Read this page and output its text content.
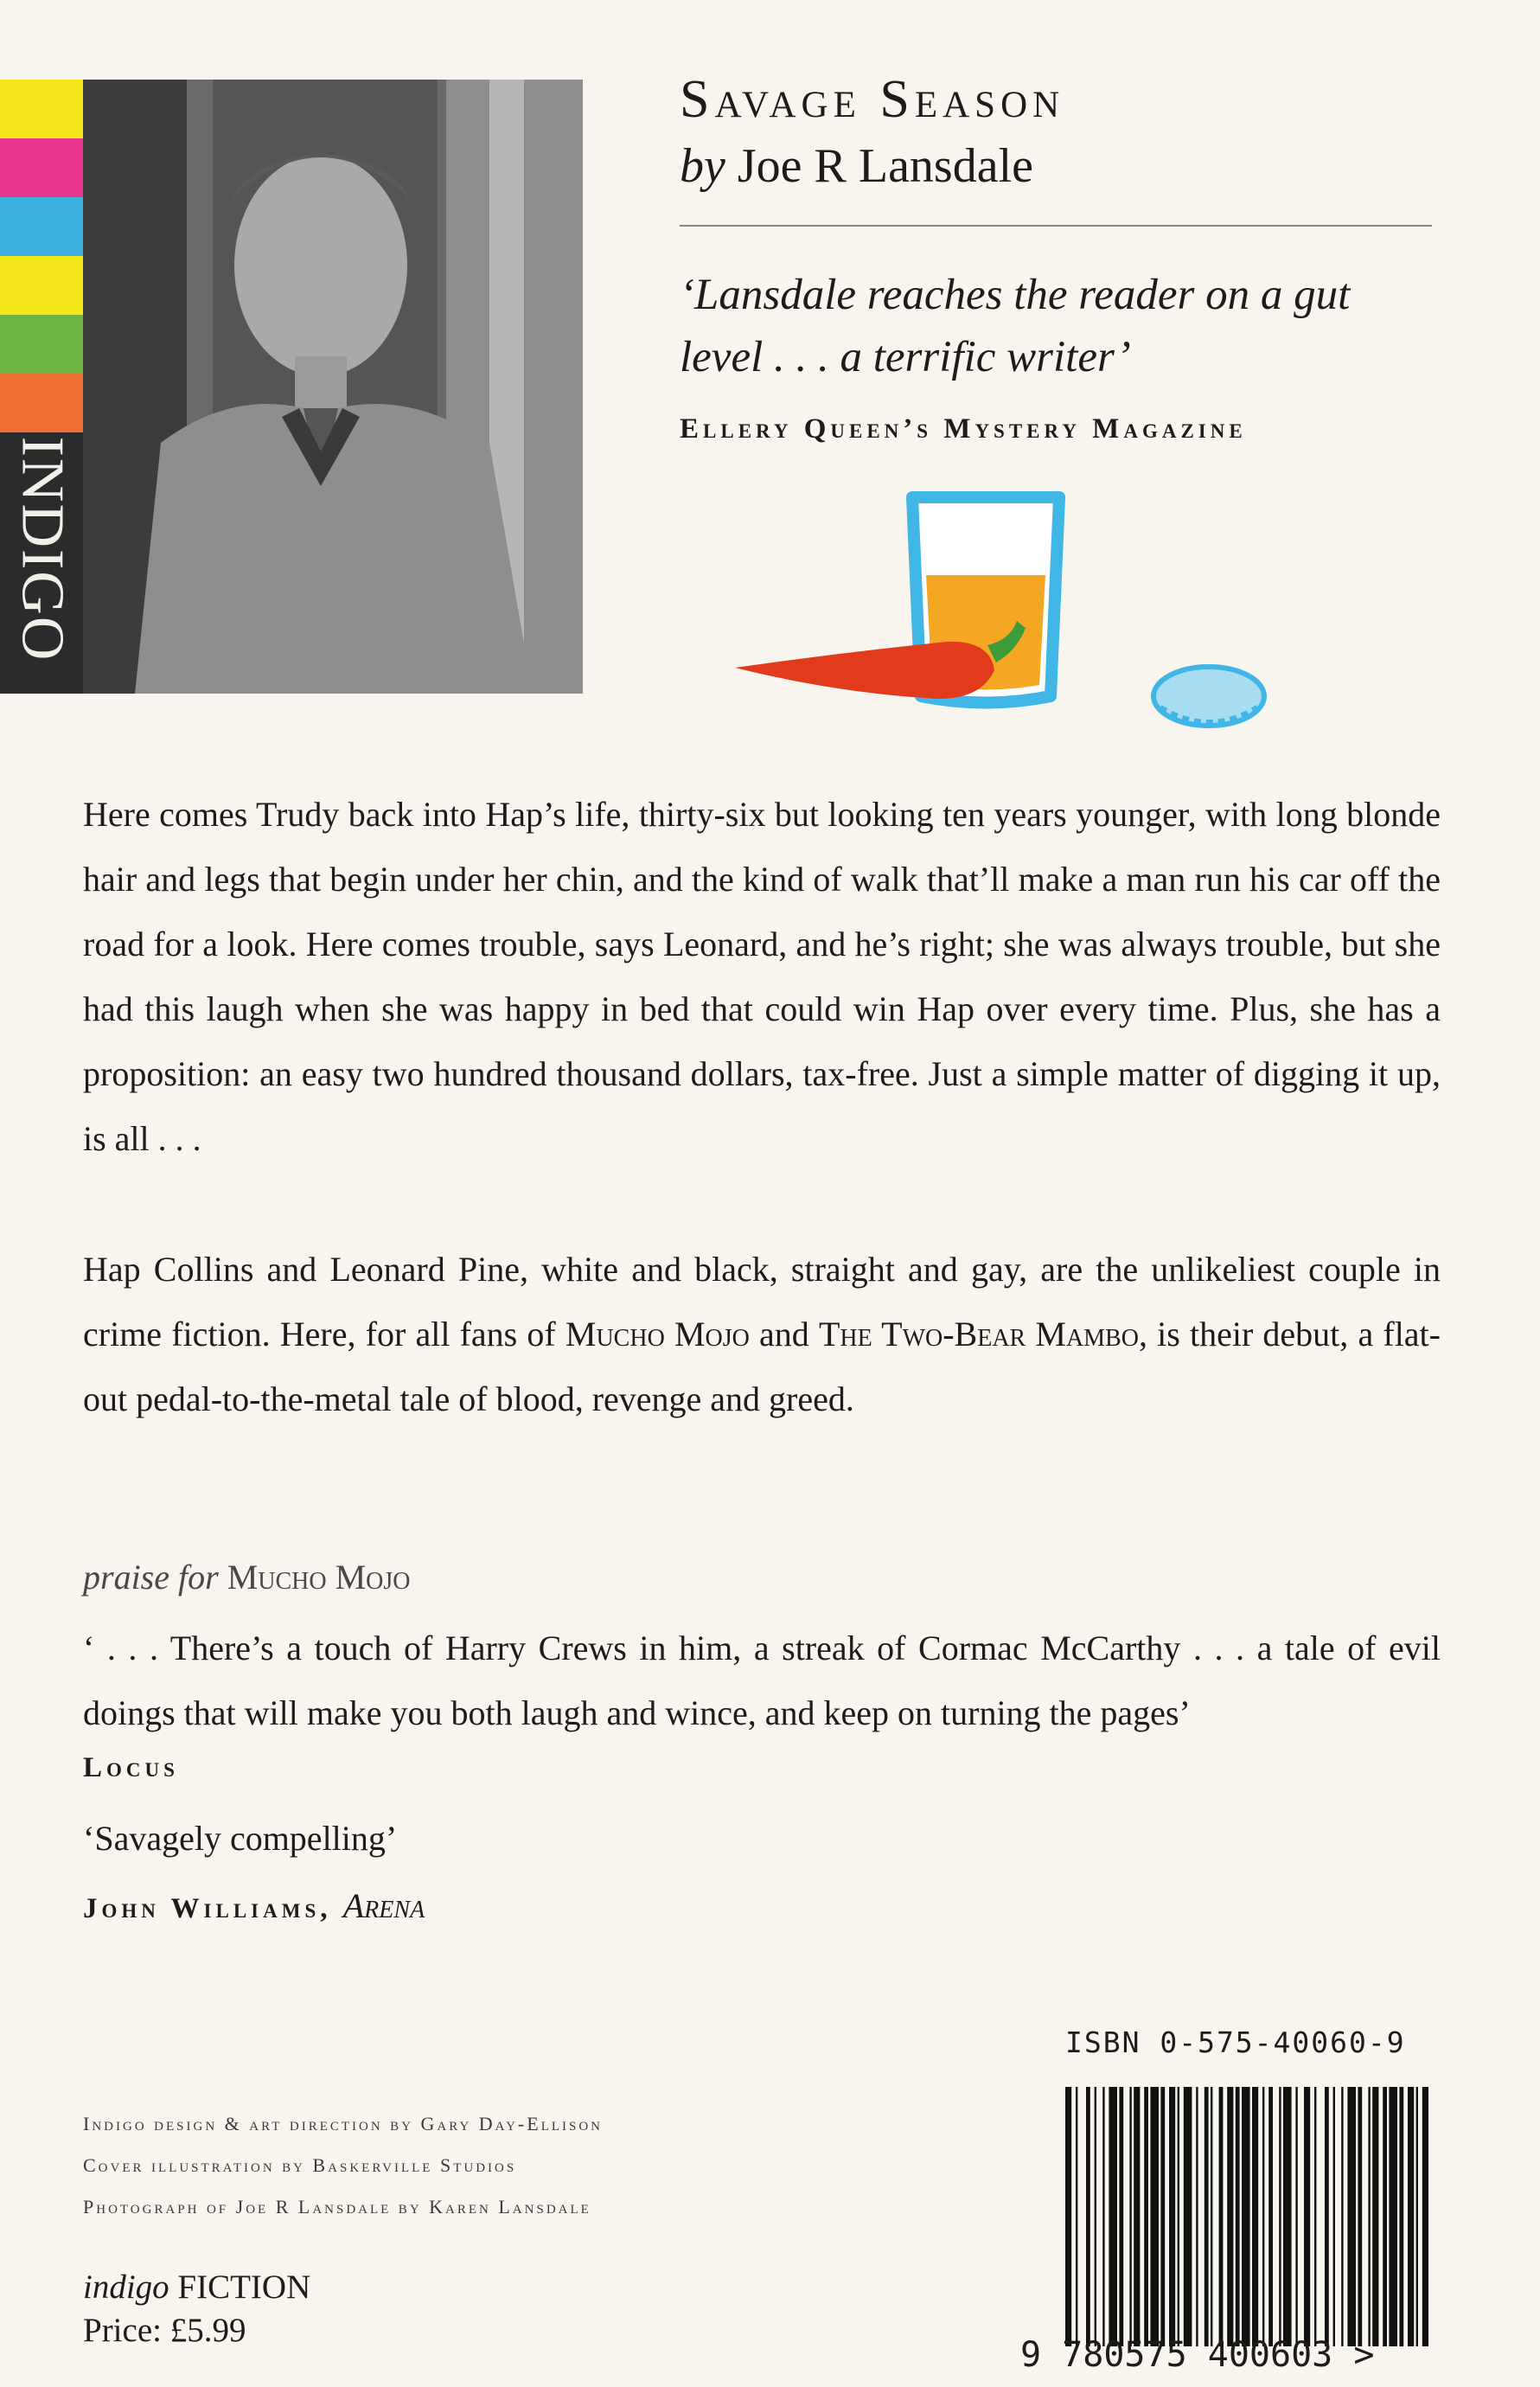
INDIGO
Savage Season
by Joe R Lansdale
‘Lansdale reaches the reader on a gut level . . . a terrific writer’
Ellery Queen’s Mystery Magazine
Here comes Trudy back into Hap’s life, thirty-six but looking ten years younger, with long blonde hair and legs that begin under her chin, and the kind of walk that’ll make a man run his car off the road for a look. Here comes trouble, says Leonard, and he’s right; she was always trouble, but she had this laugh when she was happy in bed that could win Hap over every time. Plus, she has a proposition: an easy two hundred thousand dollars, tax-free. Just a simple matter of digging it up, is all . . .
Hap Collins and Leonard Pine, white and black, straight and gay, are the unlikeliest couple in crime fiction. Here, for all fans of Mucho Mojo and The Two-Bear Mambo, is their debut, a flat-out pedal-to-the-metal tale of blood, revenge and greed.
praise for Mucho Mojo
‘ . . . There’s a touch of Harry Crews in him, a streak of Cormac McCarthy . . . a tale of evil doings that will make you both laugh and wince, and keep on turning the pages’
Locus
‘Savagely compelling’
John Williams, Arena
Indigo design & art direction by Gary Day-Ellison
Cover illustration by Baskerville Studios
Photograph of Joe R Lansdale by Karen Lansdale
indigo FICTION
Price: £5.99
ISBN 0-575-40060-9
9 780575 400603 >
